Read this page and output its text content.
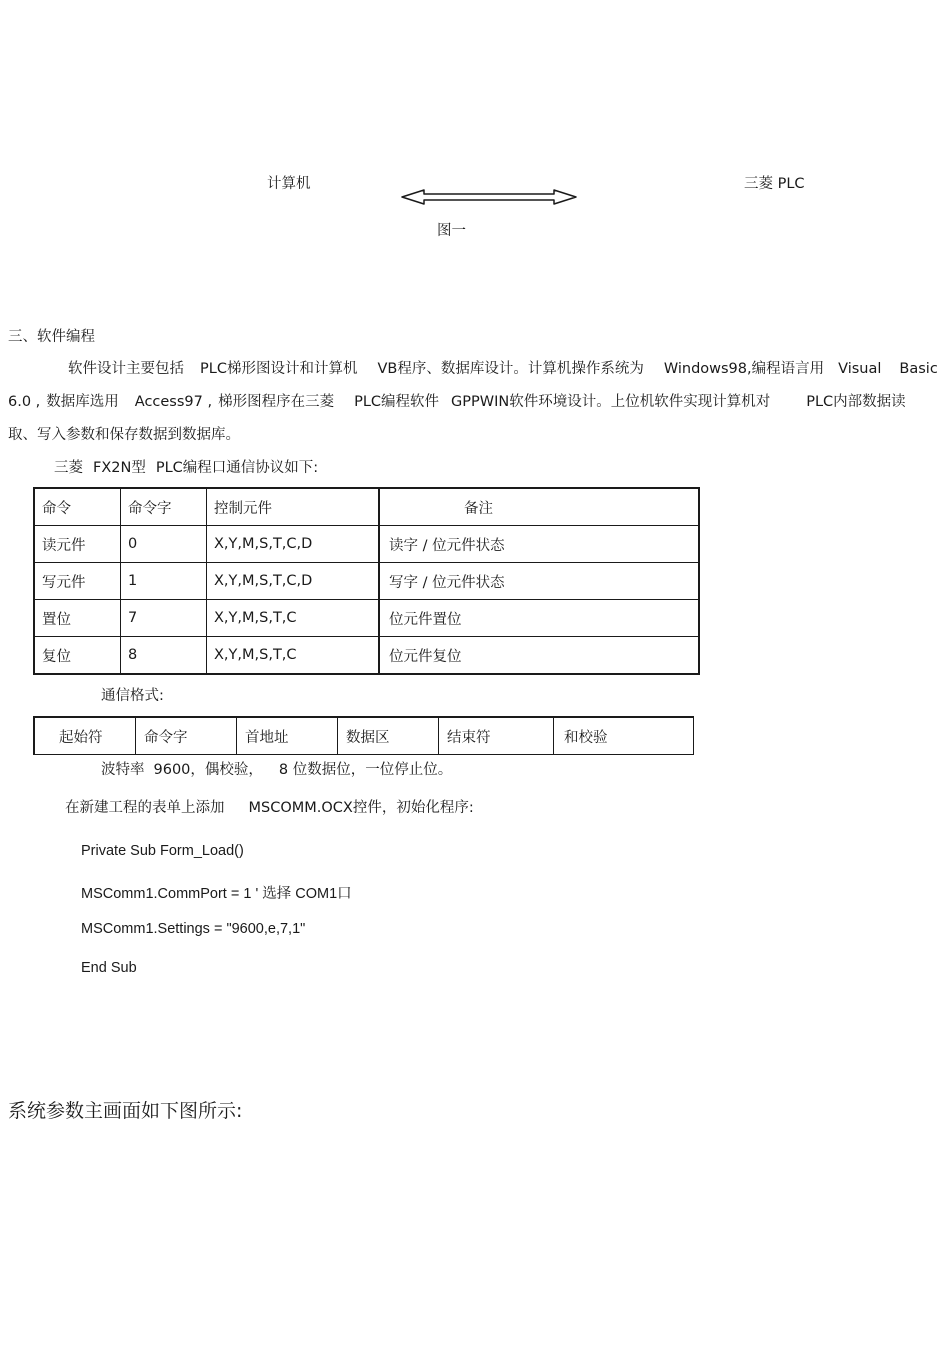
计算机	三菱 PLC
图一
三、软件编程
软件设计主要包括 PLC梯形图设计和计算机 VB程序、数据库设计。计算机操作系统为 Windows98,编程语言用 Visual Basic
6.0 , 数据库选用 Access97 , 梯形图程序在三菱 PLC编程软件 GPPWIN软件环境设计。上位机软件实现计算机对 PLC内部数据读
取、写入参数和保存数据到数据库。
三菱 FX2N型 PLC编程口通信协议如下:
命令	命令字	控制元件	备注
读元件	0	X,Y,M,S,T,C,D	读字 / 位元件状态
写元件	1	X,Y,M,S,T,C,D	写字 / 位元件状态
置位	7	X,Y,M,S,T,C	位元件置位
复位	8	X,Y,M,S,T,C	位元件复位
通信格式:
起始符	命令字	首地址	数据区	结束符	和校验
波特率 9600，偶校验， 8 位数据位，一位停止位。
在新建工程的表单上添加 MSCOMM.OCX控件，初始化程序:
Private Sub Form_Load()
MSComm1.CommPort = 1 ' 选择 COM1口
MSComm1.Settings = "9600,e,7,1"
End Sub
系统参数主画面如下图所示:
